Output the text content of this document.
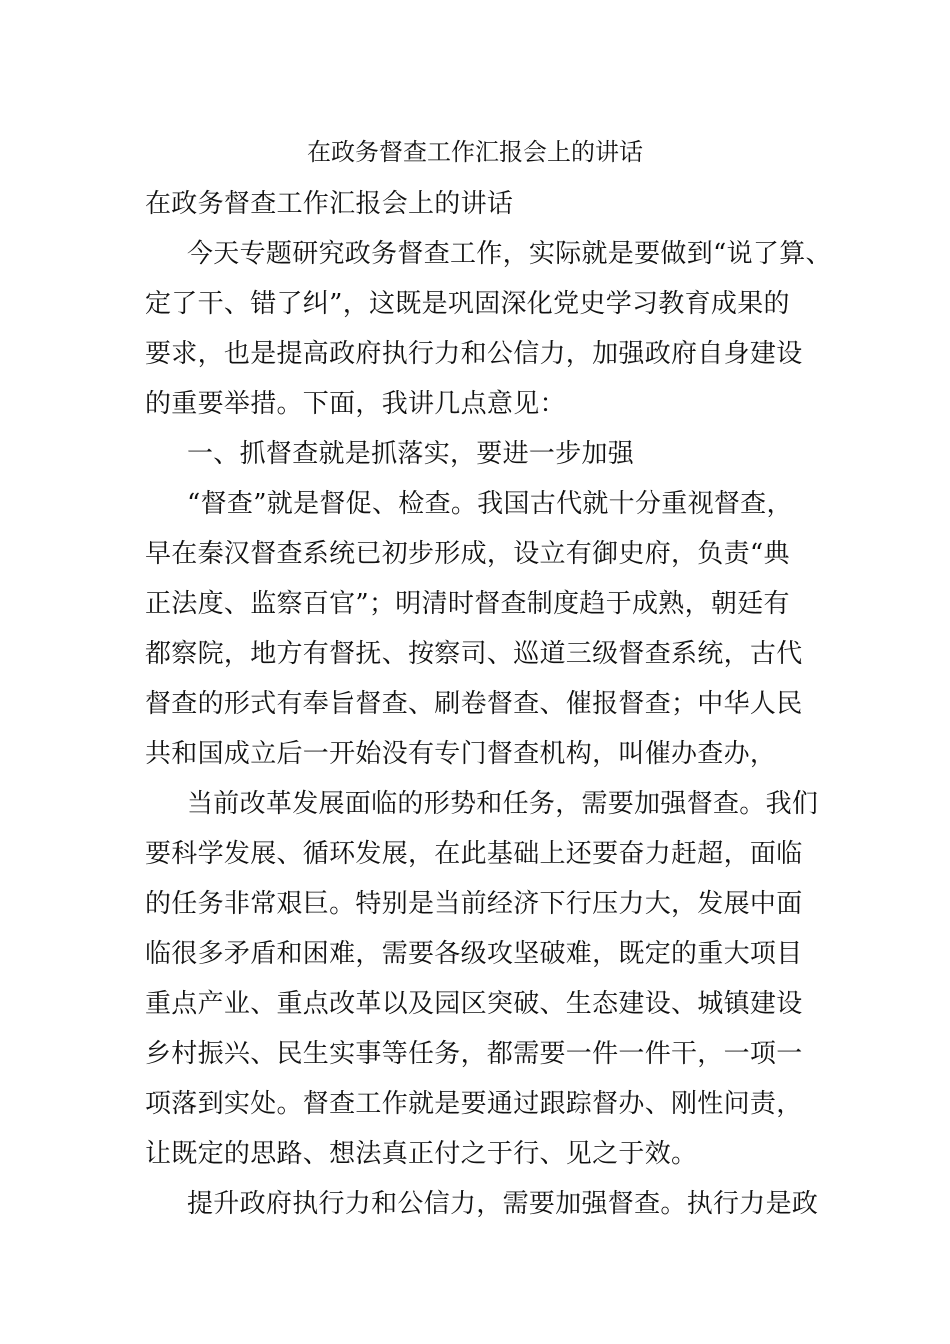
在政务督查工作汇报会上的讲话

在政务督查工作汇报会上的讲话

今天专题研究政务督查工作，实际就是要做到“说了算、

定了干、错了纠”，这既是巩固深化党史学习教育成果的

要求，也是提高政府执行力和公信力，加强政府自身建设

的重要举措。下面，我讲几点意见：

一、抓督查就是抓落实，要进一步加强

“督查”就是督促、检查。我国古代就十分重视督查，

早在秦汉督查系统已初步形成，设立有御史府，负责“典

正法度、监察百官”；明清时督查制度趋于成熟，朝廷有

都察院，地方有督抚、按察司、巡道三级督查系统，古代

督查的形式有奉旨督查、刷卷督查、催报督查；中华人民

共和国成立后一开始没有专门督查机构，叫催办查办，

当前改革发展面临的形势和任务，需要加强督查。我们

要科学发展、循环发展，在此基础上还要奋力赶超，面临

的任务非常艰巨。特别是当前经济下行压力大，发展中面

临很多矛盾和困难，需要各级攻坚破难，既定的重大项目

重点产业、重点改革以及园区突破、生态建设、城镇建设

乡村振兴、民生实事等任务，都需要一件一件干，一项一

项落到实处。督查工作就是要通过跟踪督办、刚性问责，

让既定的思路、想法真正付之于行、见之于效。

提升政府执行力和公信力，需要加强督查。执行力是政
